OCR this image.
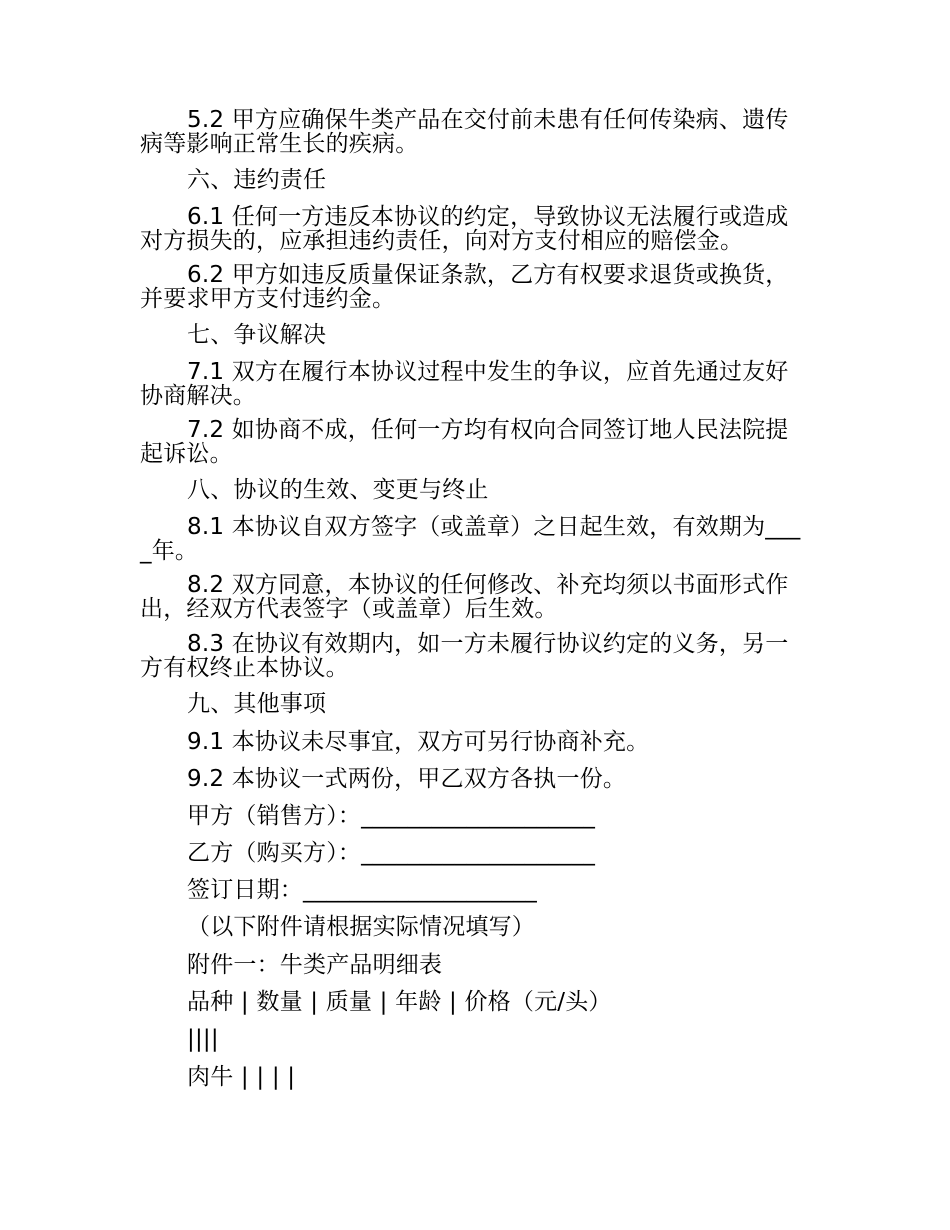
5.2 甲方应确保牛类产品在交付前未患有任何传染病、遗传病等影响正常生长的疾病。
六、违约责任
6.1 任何一方违反本协议的约定，导致协议无法履行或造成对方损失的，应承担违约责任，向对方支付相应的赔偿金。
6.2 甲方如违反质量保证条款，乙方有权要求退货或换货，并要求甲方支付违约金。
七、争议解决
7.1 双方在履行本协议过程中发生的争议，应首先通过友好协商解决。
7.2 如协商不成，任何一方均有权向合同签订地人民法院提起诉讼。
八、协议的生效、变更与终止
8.1 本协议自双方签字（或盖章）之日起生效，有效期为____年。
8.2 双方同意，本协议的任何修改、补充均须以书面形式作出，经双方代表签字（或盖章）后生效。
8.3 在协议有效期内，如一方未履行协议约定的义务，另一方有权终止本协议。
九、其他事项
9.1 本协议未尽事宜，双方可另行协商补充。
9.2 本协议一式两份，甲乙双方各执一份。
甲方（销售方）：____________________
乙方（购买方）：____________________
签订日期：____________________
（以下附件请根据实际情况填写）
附件一：牛类产品明细表
品种 | 数量 | 质量 | 年龄 | 价格（元/头）
||||
肉牛 | | | |
